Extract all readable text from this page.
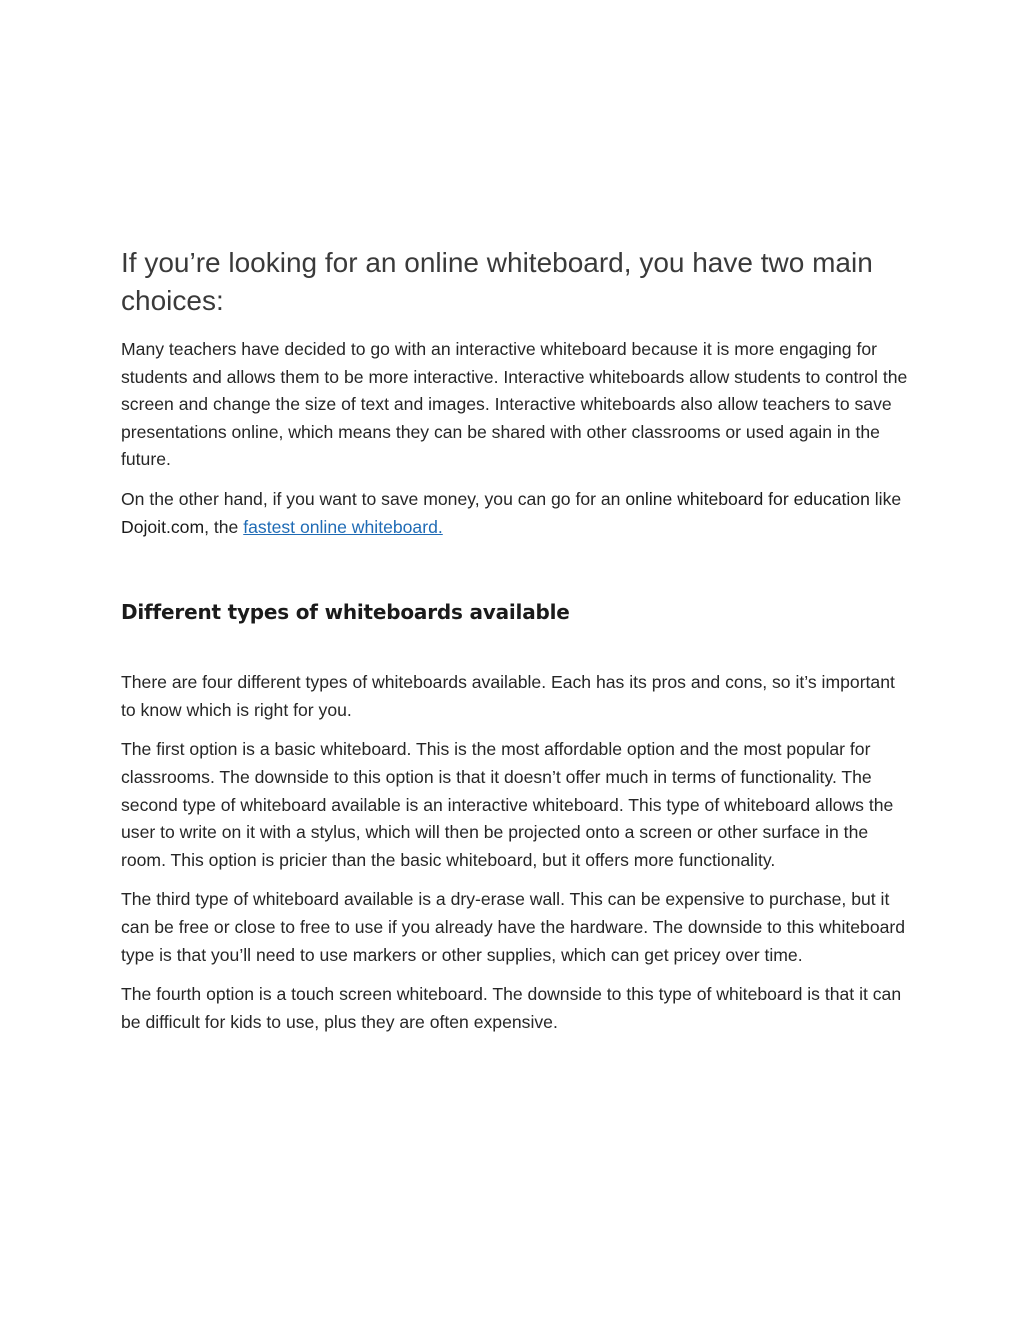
If you’re looking for an online whiteboard, you have two main choices:

Many teachers have decided to go with an interactive whiteboard because it is more engaging for students and allows them to be more interactive. Interactive whiteboards allow students to control the screen and change the size of text and images. Interactive whiteboards also allow teachers to save presentations online, which means they can be shared with other classrooms or used again in the future.

On the other hand, if you want to save money, you can go for an online whiteboard for education like Dojoit.com, the fastest online whiteboard.

Different types of whiteboards available

There are four different types of whiteboards available. Each has its pros and cons, so it’s important to know which is right for you.

The first option is a basic whiteboard. This is the most affordable option and the most popular for classrooms. The downside to this option is that it doesn’t offer much in terms of functionality. The second type of whiteboard available is an interactive whiteboard. This type of whiteboard allows the user to write on it with a stylus, which will then be projected onto a screen or other surface in the room. This option is pricier than the basic whiteboard, but it offers more functionality.

The third type of whiteboard available is a dry-erase wall. This can be expensive to purchase, but it can be free or close to free to use if you already have the hardware. The downside to this whiteboard type is that you’ll need to use markers or other supplies, which can get pricey over time.

The fourth option is a touch screen whiteboard. The downside to this type of whiteboard is that it can be difficult for kids to use, plus they are often expensive.
